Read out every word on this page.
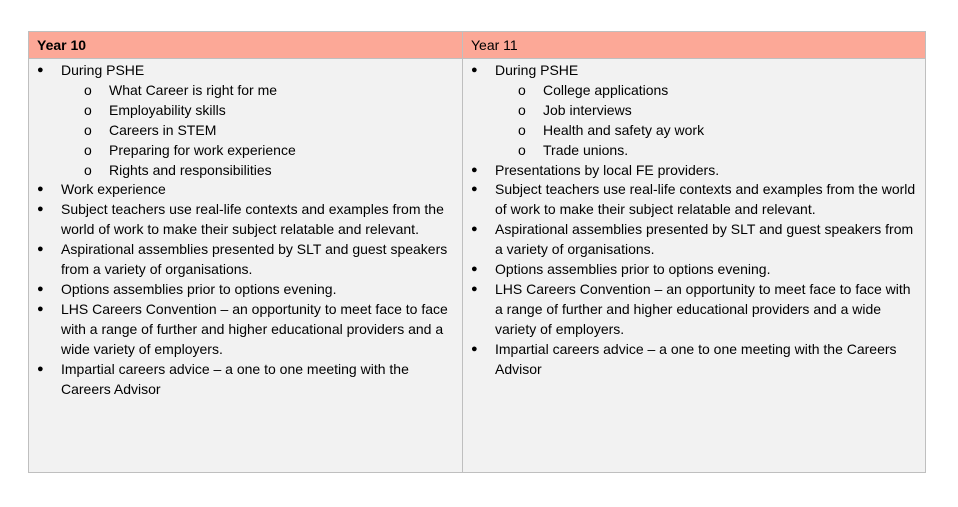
Year 10	Year 11
● During PSHE
o What Career is right for me
o Employability skills
o Careers in STEM
o Preparing for work experience
o Rights and responsibilities
● Work experience
● Subject teachers use real-life contexts and examples from the world of work to make their subject relatable and relevant.
● Aspirational assemblies presented by SLT and guest speakers from a variety of organisations.
● Options assemblies prior to options evening.
● LHS Careers Convention – an opportunity to meet face to face with a range of further and higher educational providers and a wide variety of employers.
● Impartial careers advice – a one to one meeting with the Careers Advisor
● During PSHE
o College applications
o Job interviews
o Health and safety ay work
o Trade unions.
● Presentations by local FE providers.
● Subject teachers use real-life contexts and examples from the world of work to make their subject relatable and relevant.
● Aspirational assemblies presented by SLT and guest speakers from a variety of organisations.
● Options assemblies prior to options evening.
● LHS Careers Convention – an opportunity to meet face to face with a range of further and higher educational providers and a wide variety of employers.
● Impartial careers advice – a one to one meeting with the Careers Advisor
